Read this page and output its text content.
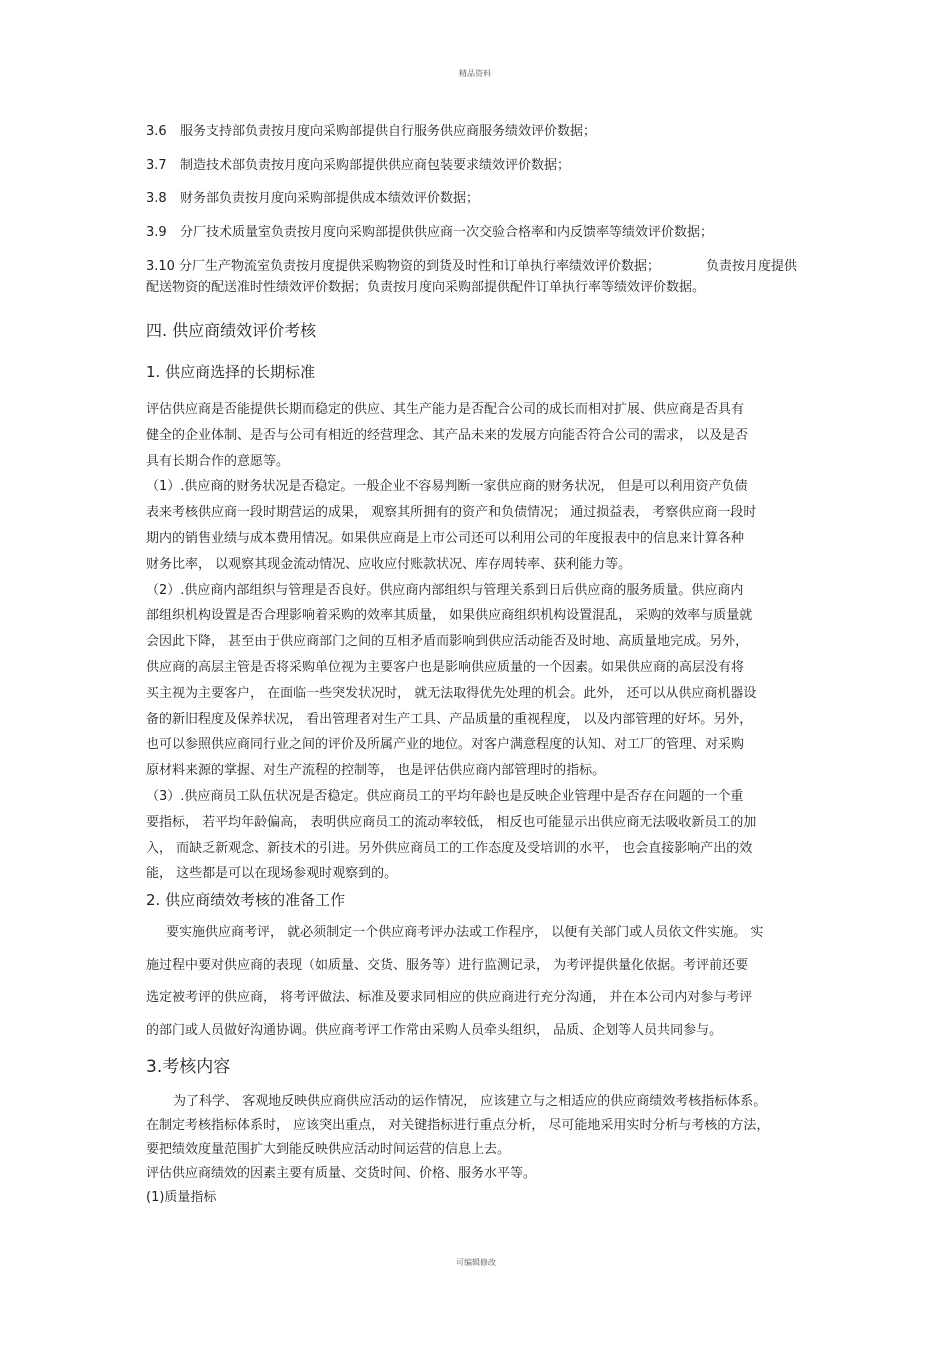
精品资料
3.6 服务支持部负责按月度向采购部提供自行服务供应商服务绩效评价数据；
3.7 制造技术部负责按月度向采购部提供供应商包装要求绩效评价数据；
3.8 财务部负责按月度向采购部提供成本绩效评价数据；
3.9 分厂技术质量室负责按月度向采购部提供供应商一次交验合格率和内反馈率等绩效评价数据；
3.10 分厂生产物流室负责按月度提供采购物资的到货及时性和订单执行率绩效评价数据；	负责按月度提供
配送物资的配送准时性绩效评价数据；负责按月度向采购部提供配件订单执行率等绩效评价数据。
四. 供应商绩效评价考核
1. 供应商选择的长期标准
评估供应商是否能提供长期而稳定的供应、其生产能力是否配合公司的成长而相对扩展、供应商是否具有
健全的企业体制、是否与公司有相近的经营理念、其产品未来的发展方向能否符合公司的需求， 以及是否
具有长期合作的意愿等。
（1）.供应商的财务状况是否稳定。一般企业不容易判断一家供应商的财务状况， 但是可以利用资产负债
表来考核供应商一段时期营运的成果， 观察其所拥有的资产和负债情况； 通过损益表， 考察供应商一段时
期内的销售业绩与成本费用情况。如果供应商是上市公司还可以利用公司的年度报表中的信息来计算各种
财务比率， 以观察其现金流动情况、应收应付账款状况、库存周转率、获利能力等。
（2）.供应商内部组织与管理是否良好。供应商内部组织与管理关系到日后供应商的服务质量。供应商内
部组织机构设置是否合理影响着采购的效率其质量， 如果供应商组织机构设置混乱， 采购的效率与质量就
会因此下降， 甚至由于供应商部门之间的互相矛盾而影响到供应活动能否及时地、高质量地完成。另外，
供应商的高层主管是否将采购单位视为主要客户也是影响供应质量的一个因素。如果供应商的高层没有将
买主视为主要客户， 在面临一些突发状况时， 就无法取得优先处理的机会。此外， 还可以从供应商机器设
备的新旧程度及保养状况， 看出管理者对生产工具、产品质量的重视程度， 以及内部管理的好坏。另外，
也可以参照供应商同行业之间的评价及所属产业的地位。对客户满意程度的认知、对工厂的管理、对采购
原材料来源的掌握、对生产流程的控制等， 也是评估供应商内部管理时的指标。
（3）.供应商员工队伍状况是否稳定。供应商员工的平均年龄也是反映企业管理中是否存在问题的一个重
要指标， 若平均年龄偏高， 表明供应商员工的流动率较低， 相反也可能显示出供应商无法吸收新员工的加
入， 而缺乏新观念、新技术的引进。另外供应商员工的工作态度及受培训的水平， 也会直接影响产出的效
能， 这些都是可以在现场参观时观察到的。
2. 供应商绩效考核的准备工作
要实施供应商考评， 就必须制定一个供应商考评办法或工作程序， 以便有关部门或人员依文件实施。 实
施过程中要对供应商的表现（如质量、交货、服务等）进行监测记录， 为考评提供量化依据。考评前还要
选定被考评的供应商， 将考评做法、标准及要求同相应的供应商进行充分沟通， 并在本公司内对参与考评
的部门或人员做好沟通协调。供应商考评工作常由采购人员牵头组织， 品质、企划等人员共同参与。
3.考核内容
为了科学、 客观地反映供应商供应活动的运作情况， 应该建立与之相适应的供应商绩效考核指标体系。
在制定考核指标体系时， 应该突出重点， 对关键指标进行重点分析， 尽可能地采用实时分析与考核的方法，
要把绩效度量范围扩大到能反映供应活动时间运营的信息上去。
评估供应商绩效的因素主要有质量、交货时间、价格、服务水平等。
(1)质量指标
可编辑修改
